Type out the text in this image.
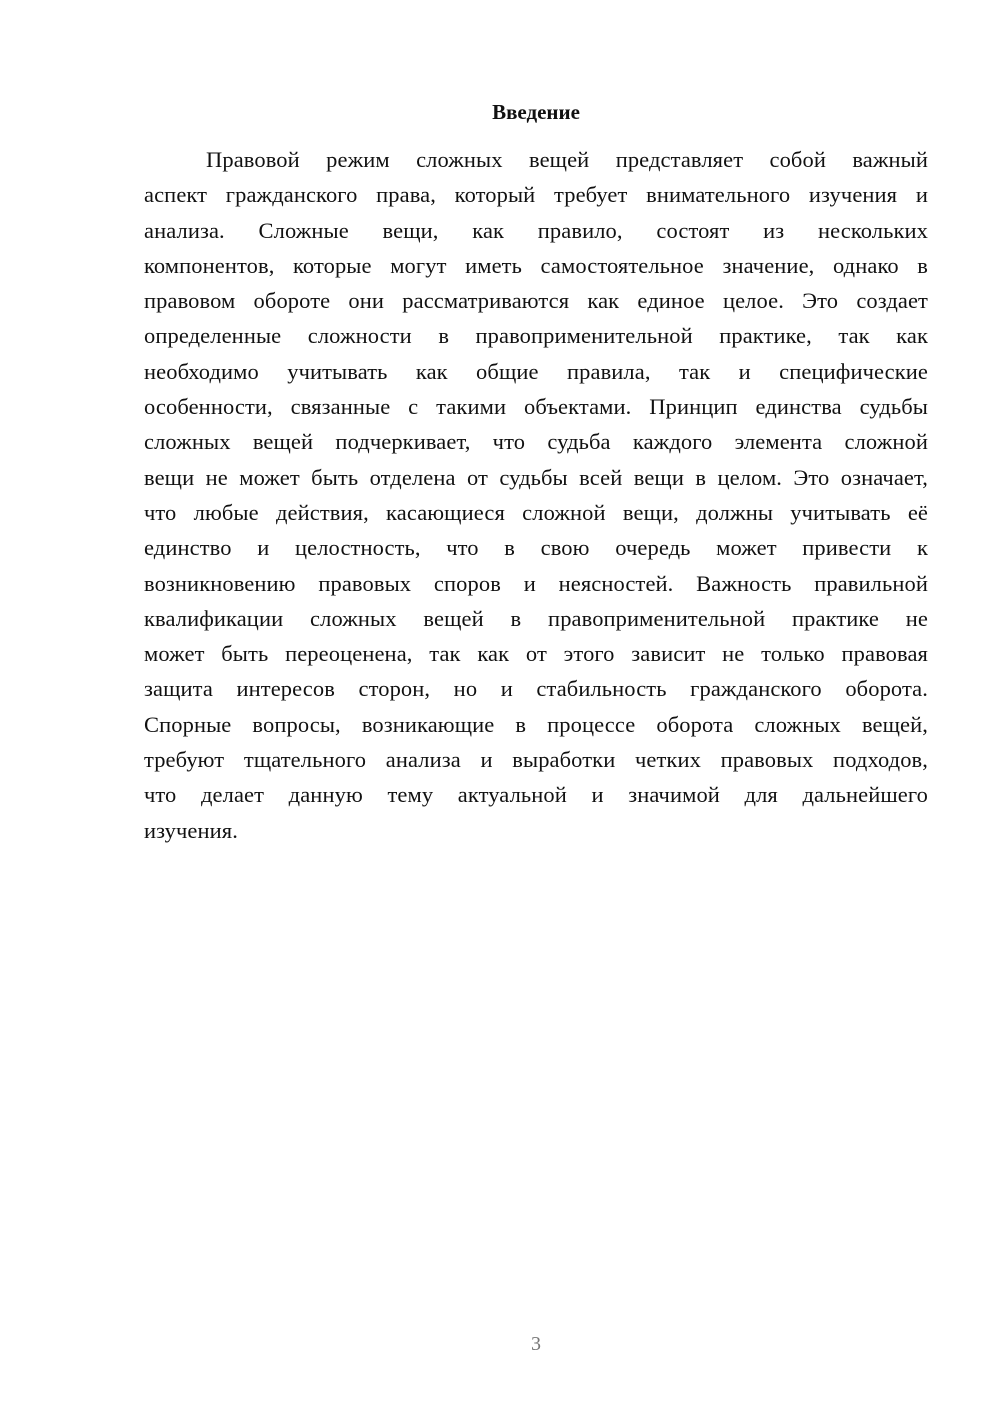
Введение
Правовой режим сложных вещей представляет собой важный
аспект гражданского права, который требует внимательного изучения и
анализа. Сложные вещи, как правило, состоят из нескольких
компонентов, которые могут иметь самостоятельное значение, однако в
правовом обороте они рассматриваются как единое целое. Это создает
определенные сложности в правоприменительной практике, так как
необходимо учитывать как общие правила, так и специфические
особенности, связанные с такими объектами. Принцип единства судьбы
сложных вещей подчеркивает, что судьба каждого элемента сложной
вещи не может быть отделена от судьбы всей вещи в целом. Это означает,
что любые действия, касающиеся сложной вещи, должны учитывать её
единство и целостность, что в свою очередь может привести к
возникновению правовых споров и неясностей. Важность правильной
квалификации сложных вещей в правоприменительной практике не
может быть переоценена, так как от этого зависит не только правовая
защита интересов сторон, но и стабильность гражданского оборота.
Спорные вопросы, возникающие в процессе оборота сложных вещей,
требуют тщательного анализа и выработки четких правовых подходов,
что делает данную тему актуальной и значимой для дальнейшего
изучения.
3
